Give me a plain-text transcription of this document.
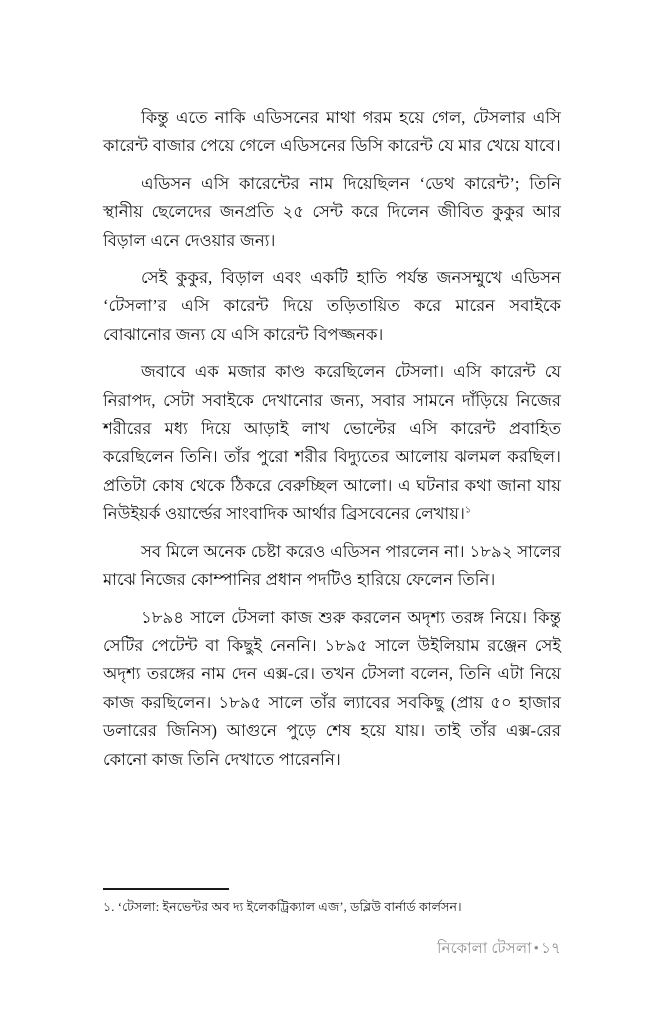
কিন্তু এতে নাকি এডিসনের মাথা গরম হয়ে গেল, টেসলার এসি কারেন্ট বাজার পেয়ে গেলে এডিসনের ডিসি কারেন্ট যে মার খেয়ে যাবে।

এডিসন এসি কারেন্টের নাম দিয়েছিলন ‘ডেথ কারেন্ট’; তিনি স্থানীয় ছেলেদের জনপ্রতি ২৫ সেন্ট করে দিলেন জীবিত কুকুর আর বিড়াল এনে দেওয়ার জন্য।

সেই কুকুর, বিড়াল এবং একটি হাতি পর্যন্ত জনসম্মুখে এডিসন ‘টেসলা’র এসি কারেন্ট দিয়ে তড়িতায়িত করে মারেন সবাইকে বোঝানোর জন্য যে এসি কারেন্ট বিপজ্জনক।

জবাবে এক মজার কাণ্ড করেছিলেন টেসলা। এসি কারেন্ট যে নিরাপদ, সেটা সবাইকে দেখানোর জন্য, সবার সামনে দাঁড়িয়ে নিজের শরীরের মধ্য দিয়ে আড়াই লাখ ভোল্টের এসি কারেন্ট প্রবাহিত করেছিলেন তিনি। তাঁর পুরো শরীর বিদ্যুতের আলোয় ঝলমল করছিল। প্রতিটা কোষ থেকে ঠিকরে বেরুচ্ছিল আলো। এ ঘটনার কথা জানা যায় নিউইয়র্ক ওয়ার্ল্ডের সাংবাদিক আর্থার ব্রিসবেনের লেখায়।$^১$

সব মিলে অনেক চেষ্টা করেও এডিসন পারলেন না। ১৮৯২ সালের মাঝে নিজের কোম্পানির প্রধান পদটিও হারিয়ে ফেলেন তিনি।

১৮৯৪ সালে টেসলা কাজ শুরু করলেন অদৃশ্য তরঙ্গ নিয়ে। কিন্তু সেটির পেটেন্ট বা কিছুই নেননি। ১৮৯৫ সালে উইলিয়াম রঞ্জেন সেই অদৃশ্য তরঙ্গের নাম দেন এক্স-রে। তখন টেসলা বলেন, তিনি এটা নিয়ে কাজ করছিলেন। ১৮৯৫ সালে তাঁর ল্যাবের সবকিছু (প্রায় ৫০ হাজার ডলারের জিনিস) আগুনে পুড়ে শেষ হয়ে যায়। তাই তাঁর এক্স-রের কোনো কাজ তিনি দেখাতে পারেননি।

১. ‘টেসলা: ইনভেন্টর অব দ্য ইলেকট্রিক্যাল এজ’, ডব্লিউ বার্নার্ড কার্লসন।

নিকোলা টেসলা • ১৭
